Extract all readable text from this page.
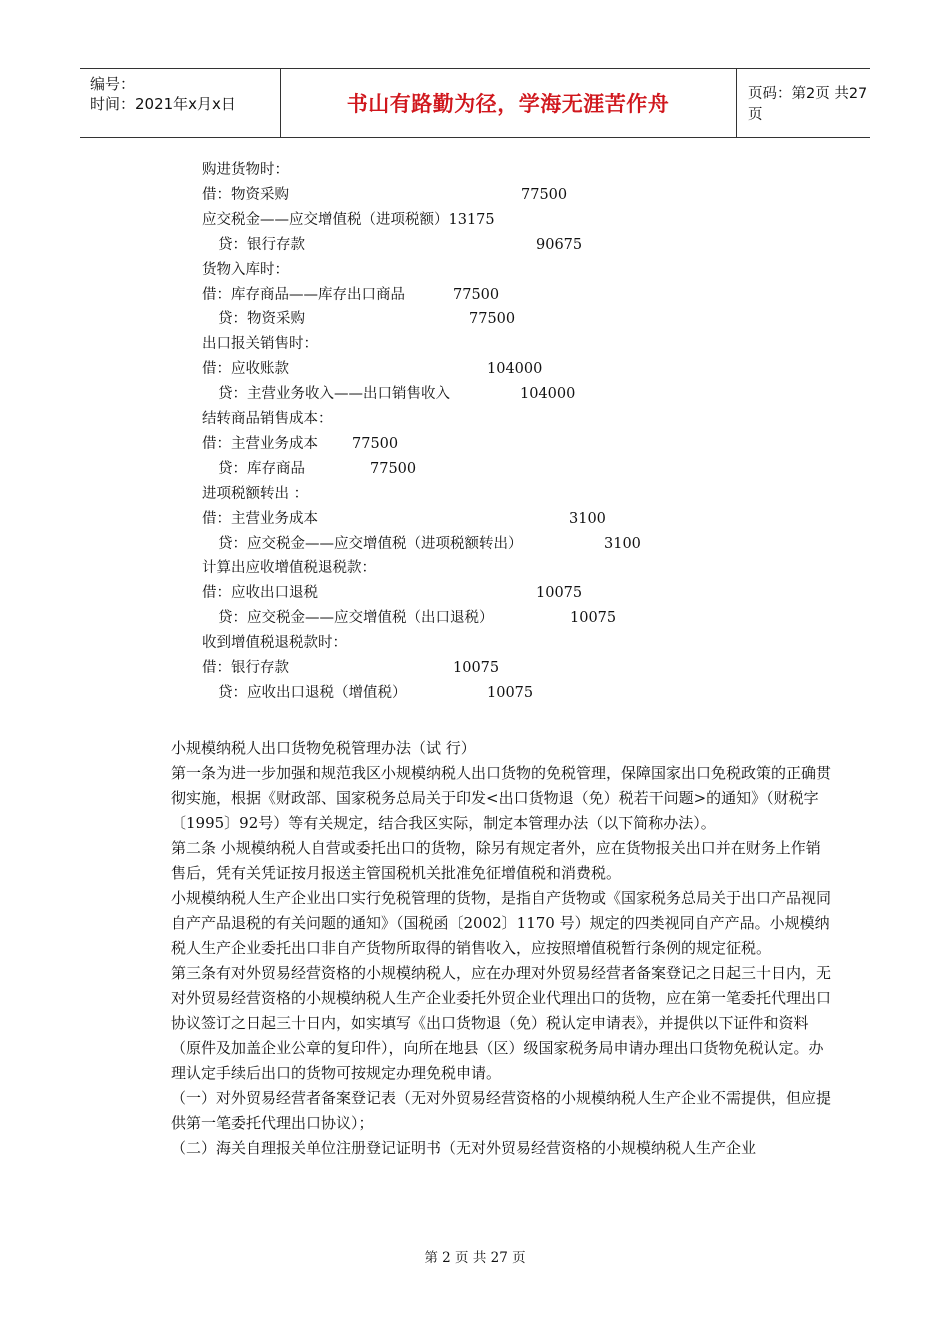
编号：
时间：2021年x月x日	书山有路勤为径，学海无涯苦作舟	页码：第2页 共27页
购进货物时：
借：物资采购	77500
应交税金——应交增值税（进项税额）13175
贷：银行存款	90675
货物入库时：
借：库存商品——库存出口商品	77500
贷：物资采购	77500
出口报关销售时：
借：应收账款	104000
贷：主营业务收入——出口销售收入	104000
结转商品销售成本：
借：主营业务成本 77500
贷：库存商品	77500
进项税额转出 ：
借：主营业务成本	3100
贷：应交税金——应交增值税（进项税额转出）	3100
计算出应收增值税退税款：
借：应收出口退税	10075
贷：应交税金——应交增值税（出口退税）	10075
收到增值税退税款时：
借：银行存款	10075
贷：应收出口退税（增值税）	10075

小规模纳税人出口货物免税管理办法（试 行）

第一条为进一步加强和规范我区小规模纳税人出口货物的免税管理，保障国家出口免税政策的正确贯彻实施，根据《财政部、国家税务总局关于印发<出口货物退（免）税若干问题>的通知》（财税字〔1995〕92号）等有关规定，结合我区实际，制定本管理办法（以下简称办法）。

第二条 小规模纳税人自营或委托出口的货物，除另有规定者外，应在货物报关出口并在财务上作销售后，凭有关凭证按月报送主管国税机关批准免征增值税和消费税。

小规模纳税人生产企业出口实行免税管理的货物，是指自产货物或《国家税务总局关于出口产品视同自产产品退税的有关问题的通知》（国税函〔2002〕1170 号）规定的四类视同自产产品。小规模纳税人生产企业委托出口非自产货物所取得的销售收入，应按照增值税暂行条例的规定征税。

第三条有对外贸易经营资格的小规模纳税人，应在办理对外贸易经营者备案登记之日起三十日内，无对外贸易经营资格的小规模纳税人生产企业委托外贸企业代理出口的货物，应在第一笔委托代理出口协议签订之日起三十日内，如实填写《出口货物退（免）税认定申请表》，并提供以下证件和资料（原件及加盖企业公章的复印件），向所在地县（区）级国家税务局申请办理出口货物免税认定。办理认定手续后出口的货物可按规定办理免税申请。

（一）对外贸易经营者备案登记表（无对外贸易经营资格的小规模纳税人生产企业不需提供，但应提供第一笔委托代理出口协议）；

（二）海关自理报关单位注册登记证明书（无对外贸易经营资格的小规模纳税人生产企业

第 2 页 共 27 页
